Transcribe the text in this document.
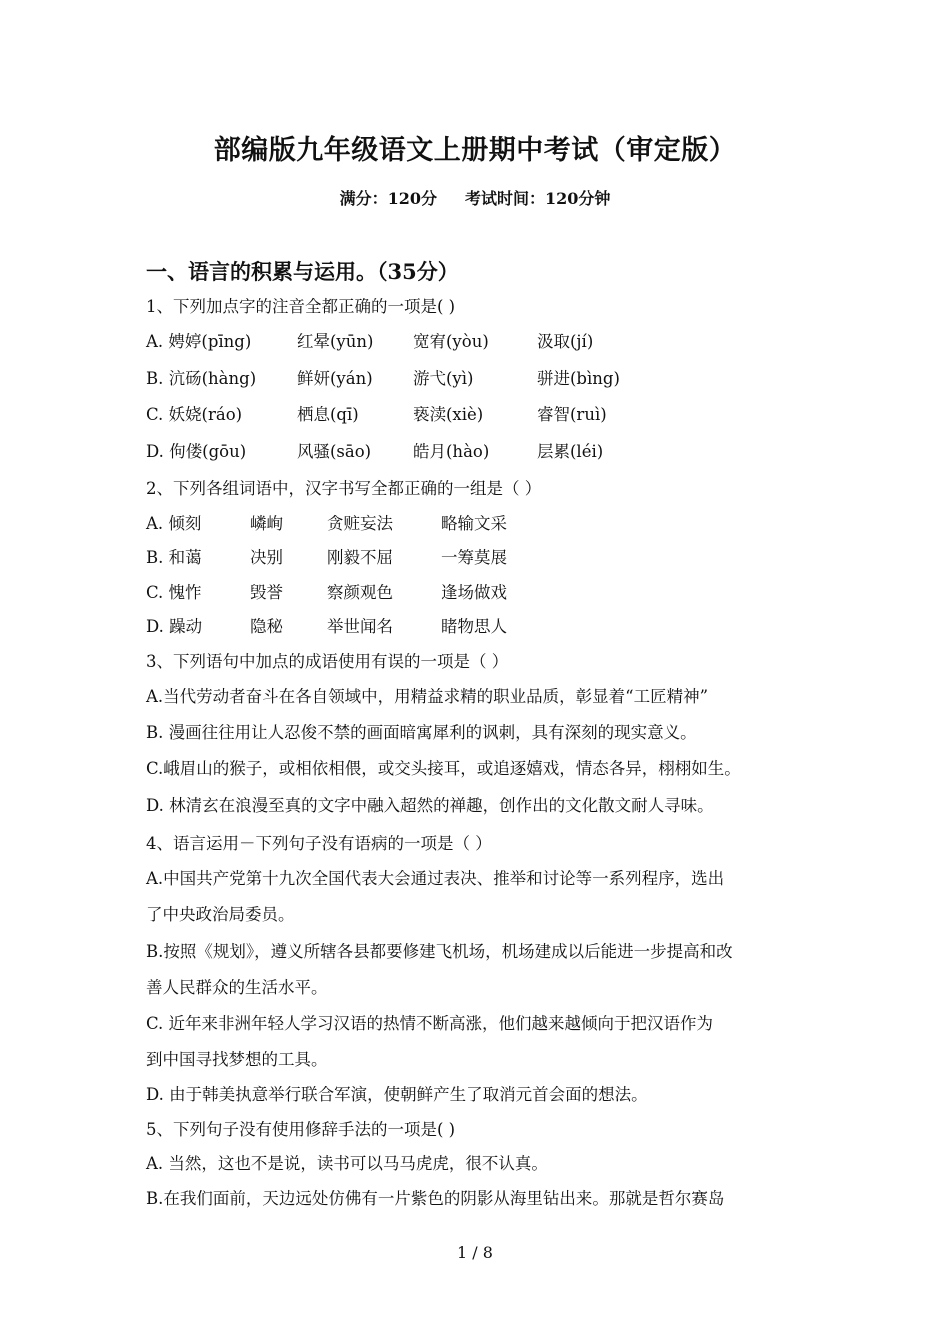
部编版九年级语文上册期中考试（审定版）
满分：120分 考试时间：120分钟
一、语言的积累与运用。（35分）
1、下列加点字的注音全都正确的一项是( )
2、下列各组词语中，汉字书写全都正确的一组是（ ）
3、下列语句中加点的成语使用有误的一项是（ ）
A.当代劳动者奋斗在各自领域中，用精益求精的职业品质，彰显着“工匠精神”
B. 漫画往往用让人忍俊不禁的画面暗寓犀利的讽刺，具有深刻的现实意义。
C.峨眉山的猴子，或相依相偎，或交头接耳，或追逐嬉戏，情态各异，栩栩如生。
D. 林清玄在浪漫至真的文字中融入超然的禅趣，创作出的文化散文耐人寻味。
4、语言运用－下列句子没有语病的一项是（ ）
A.中国共产党第十九次全国代表大会通过表决、推举和讨论等一系列程序，选出
了中央政治局委员。
B.按照《规划》，遵义所辖各县都要修建飞机场，机场建成以后能进一步提高和改
善人民群众的生活水平。
C. 近年来非洲年轻人学习汉语的热情不断高涨，他们越来越倾向于把汉语作为
到中国寻找梦想的工具。
D. 由于韩美执意举行联合军演，使朝鲜产生了取消元首会面的想法。
5、下列句子没有使用修辞手法的一项是( )
A. 当然，这也不是说，读书可以马马虎虎，很不认真。
B.在我们面前，天边远处仿佛有一片紫色的阴影从海里钻出来。那就是哲尔赛岛
1 / 8
A. 娉婷(pīng)	红晕(yūn) 宽宥(yòu)	汲取(jí)
B. 沆砀(hàng) 鲜妍(yán) 游弋(yì)	骈进(bìng)
C. 妖娆(ráo)	栖息(qī)	亵渎(xiè)	睿智(ruì)
D. 佝偻(gōu)	风骚(sāo)	皓月(hào)	层累(léi)
A. 倾刻	嶙峋	贪赃妄法	略输文采
B. 和蔼	决别	刚毅不屈	一筹莫展
C. 愧怍	毁誉	察颜观色	逢场做戏
D. 躁动	隐秘	举世闻名	睹物思人
